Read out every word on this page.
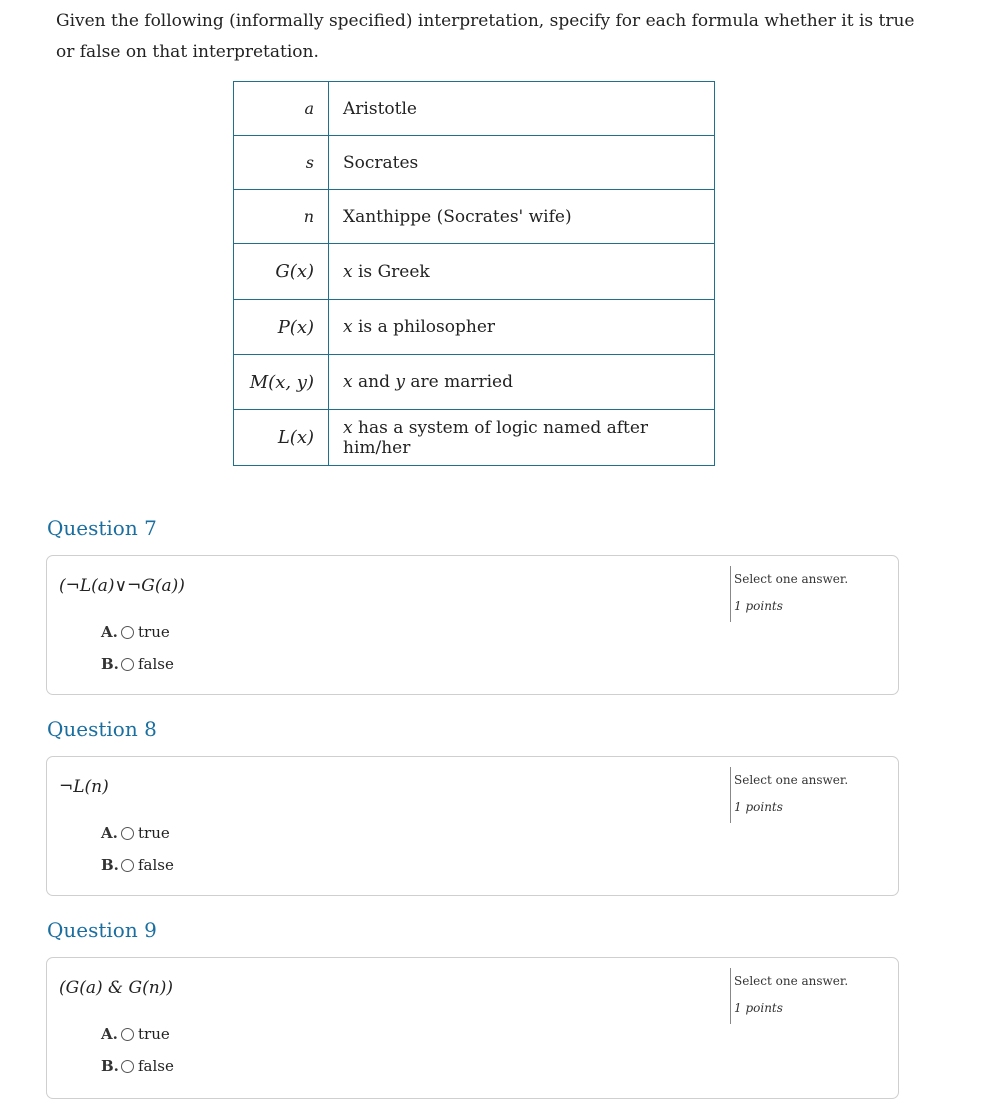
Given the following (informally specified) interpretation, specify for each formula whether it is true or false on that interpretation.

a	Aristotle
s	Socrates
n	Xanthippe (Socrates' wife)
G(x)	x is Greek
P(x)	x is a philosopher
M(x, y)	x and y are married
L(x)	x has a system of logic named after him/her
Question 7
(¬L(a)∨¬G(a))
A. true
B. false
Select one answer.
1 points
Question 8
¬L(n)
A. true
B. false
Select one answer.
1 points
Question 9
(G(a) & G(n))
A. true
B. false
Select one answer.
1 points
